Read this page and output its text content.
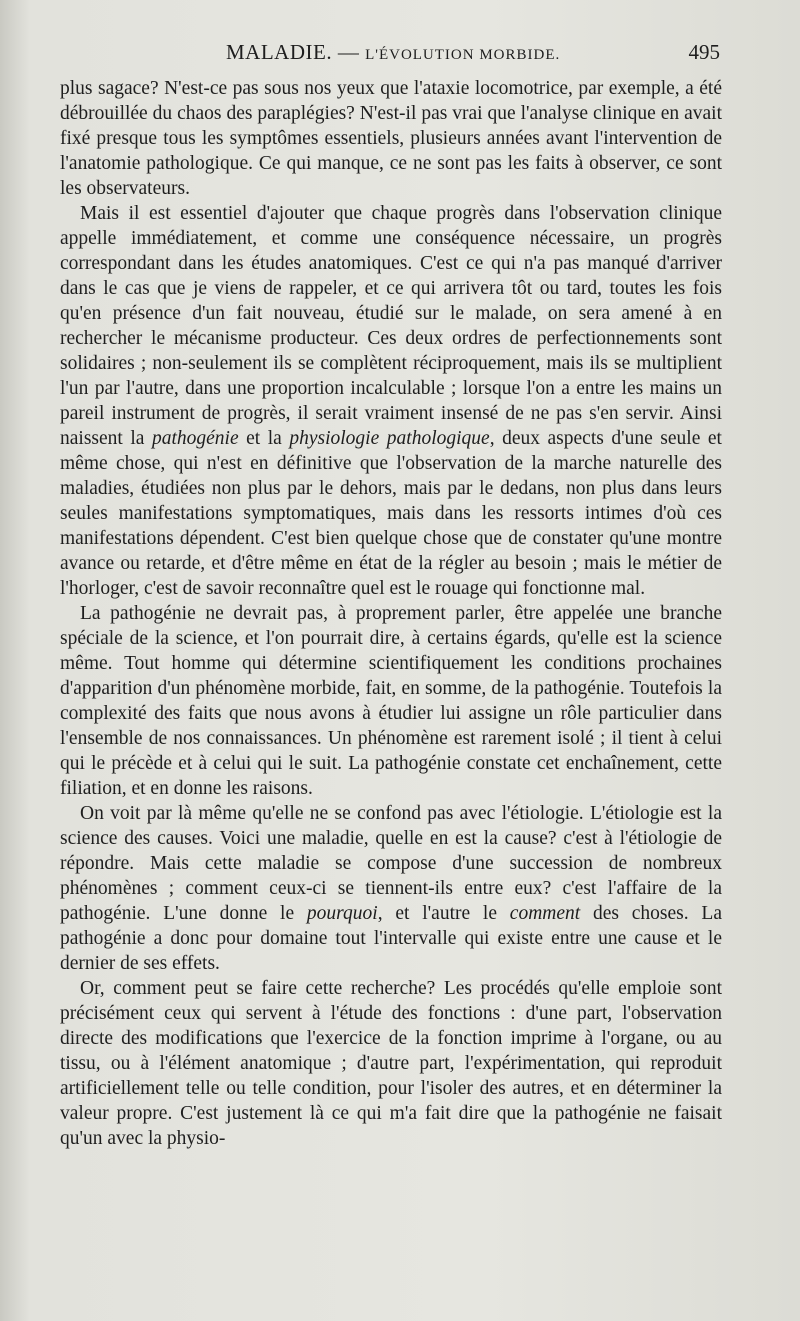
MALADIE. — L'ÉVOLUTION MORBIDE.	495

plus sagace? N'est-ce pas sous nos yeux que l'ataxie locomotrice, par exemple, a été débrouillée du chaos des paraplégies? N'est-il pas vrai que l'analyse clinique en avait fixé presque tous les symptômes essentiels, plusieurs années avant l'intervention de l'anatomie pathologique. Ce qui manque, ce ne sont pas les faits à observer, ce sont les observateurs.

Mais il est essentiel d'ajouter que chaque progrès dans l'observation clinique appelle immédiatement, et comme une conséquence nécessaire, un progrès correspondant dans les études anatomiques. C'est ce qui n'a pas manqué d'arriver dans le cas que je viens de rappeler, et ce qui arrivera tôt ou tard, toutes les fois qu'en présence d'un fait nouveau, étudié sur le malade, on sera amené à en rechercher le mécanisme producteur. Ces deux ordres de perfectionnements sont solidaires ; non-seulement ils se complètent réciproquement, mais ils se multiplient l'un par l'autre, dans une proportion incalculable ; lorsque l'on a entre les mains un pareil instrument de progrès, il serait vraiment insensé de ne pas s'en servir. Ainsi naissent la pathogénie et la physiologie pathologique, deux aspects d'une seule et même chose, qui n'est en définitive que l'observation de la marche naturelle des maladies, étudiées non plus par le dehors, mais par le dedans, non plus dans leurs seules manifestations symptomatiques, mais dans les ressorts intimes d'où ces manifestations dépendent. C'est bien quelque chose que de constater qu'une montre avance ou retarde, et d'être même en état de la régler au besoin ; mais le métier de l'horloger, c'est de savoir reconnaître quel est le rouage qui fonctionne mal.

La pathogénie ne devrait pas, à proprement parler, être appelée une branche spéciale de la science, et l'on pourrait dire, à certains égards, qu'elle est la science même. Tout homme qui détermine scientifiquement les conditions prochaines d'apparition d'un phénomène morbide, fait, en somme, de la pathogénie. Toutefois la complexité des faits que nous avons à étudier lui assigne un rôle particulier dans l'ensemble de nos connaissances. Un phénomène est rarement isolé ; il tient à celui qui le précède et à celui qui le suit. La pathogénie constate cet enchaînement, cette filiation, et en donne les raisons.

On voit par là même qu'elle ne se confond pas avec l'étiologie. L'étiologie est la science des causes. Voici une maladie, quelle en est la cause? c'est à l'étiologie de répondre. Mais cette maladie se compose d'une succession de nombreux phénomènes ; comment ceux-ci se tiennent-ils entre eux? c'est l'affaire de la pathogénie. L'une donne le pourquoi, et l'autre le comment des choses. La pathogénie a donc pour domaine tout l'intervalle qui existe entre une cause et le dernier de ses effets.

Or, comment peut se faire cette recherche? Les procédés qu'elle emploie sont précisément ceux qui servent à l'étude des fonctions : d'une part, l'observation directe des modifications que l'exercice de la fonction imprime à l'organe, ou au tissu, ou à l'élément anatomique ; d'autre part, l'expérimentation, qui reproduit artificiellement telle ou telle condition, pour l'isoler des autres, et en déterminer la valeur propre. C'est justement là ce qui m'a fait dire que la pathogénie ne faisait qu'un avec la physio-
